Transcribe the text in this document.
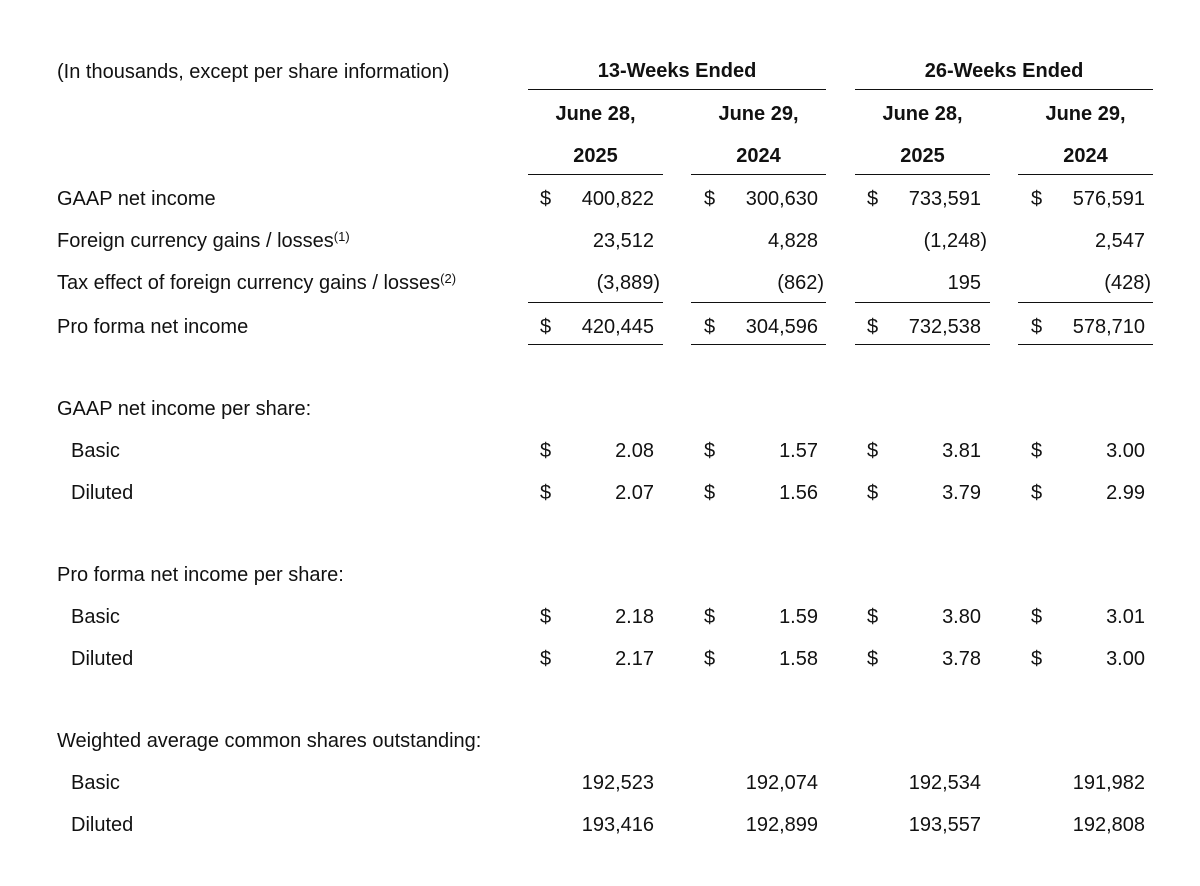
(In thousands, except per share information)	13-Weeks Ended	26-Weeks Ended
June 28,	June 29,	June 28,	June 29,
2025	2024	2025	2024
GAAP net income	$	400,822	$	300,630 $	733,591	$	576,591
Foreign currency gains / losses$^{(1)}$	23,512	4,828	(1,248)	2,547
Tax effect of foreign currency gains / losses$^{(2)}$	(3,889)	(862)	195	(428)
Pro forma net income	$	420,445	$	304,596 $	732,538	$	578,710
GAAP net income per share:
Basic	$	2.08	$	1.57 $	3.81	$	3.00
Diluted	$	2.07	$	1.56 $	3.79	$	2.99
Pro forma net income per share:
Basic	$	2.18	$	1.59 $	3.80	$	3.01
Diluted	$	2.17	$	1.58 $	3.78	$	3.00
Weighted average common shares outstanding:
Basic	192,523	192,074	192,534	191,982
Diluted	193,416	192,899	193,557	192,808
